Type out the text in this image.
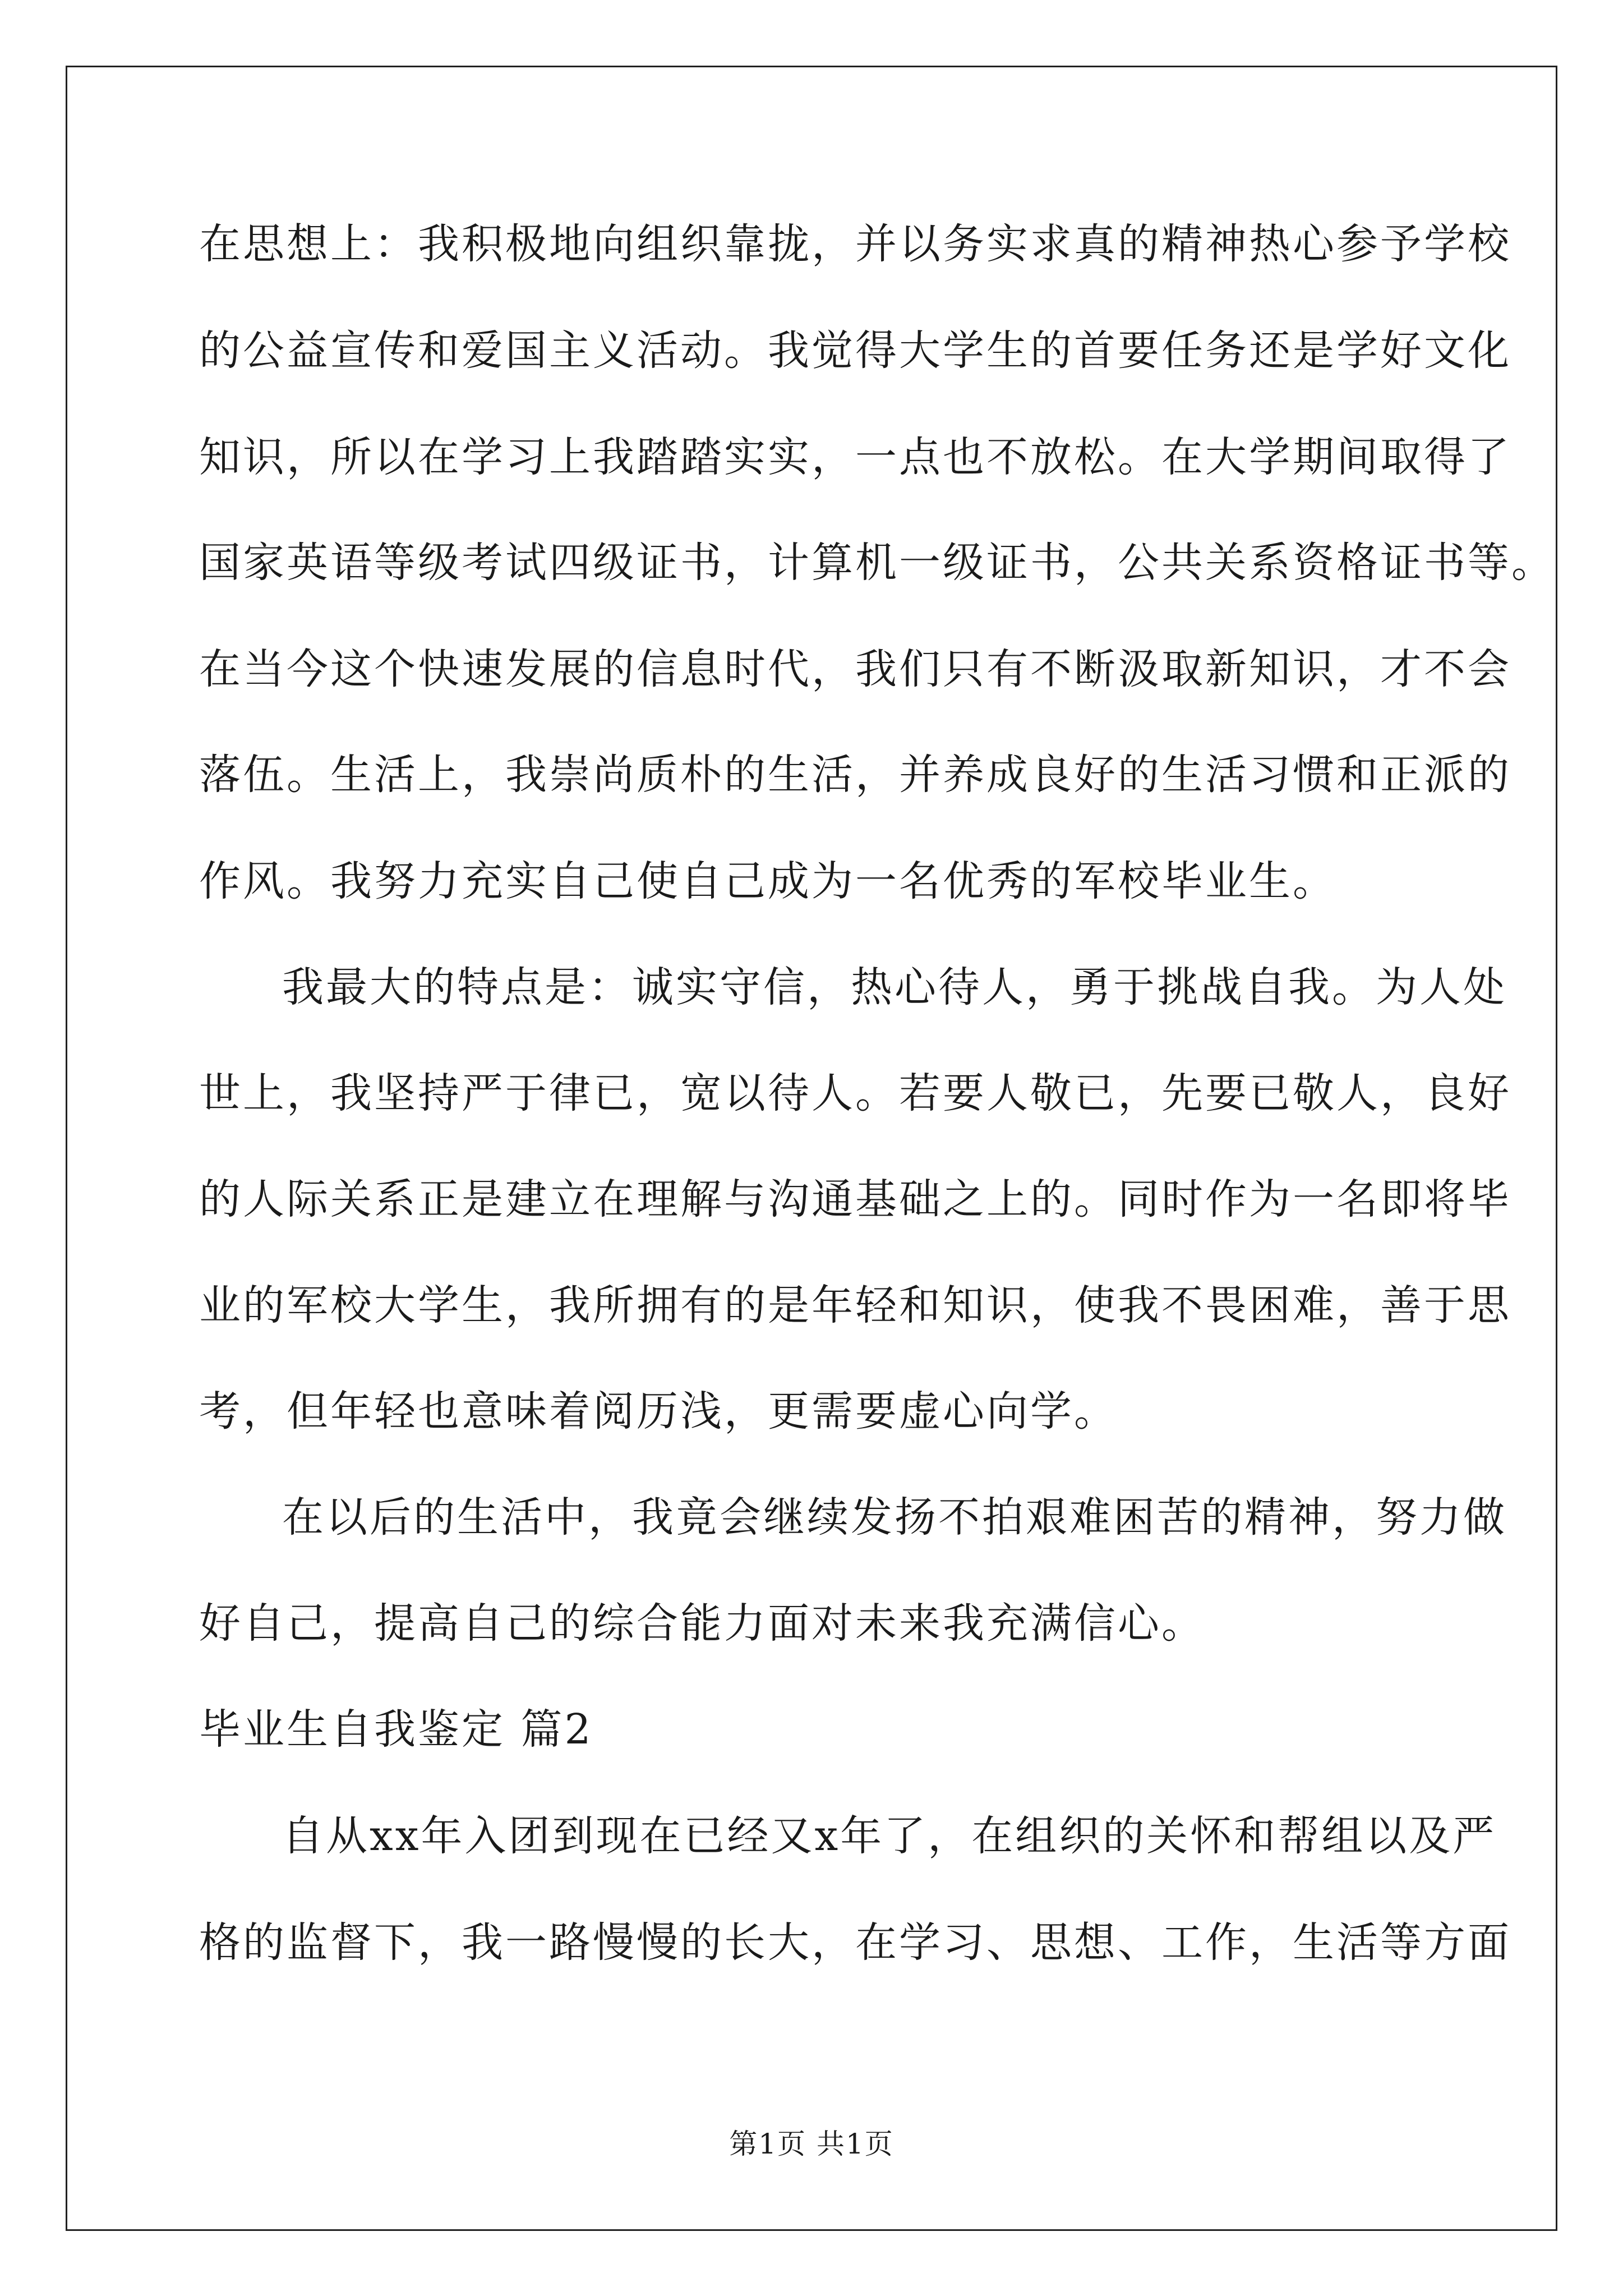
在思想上：我积极地向组织靠拢，并以务实求真的精神热心参予学校
的公益宣传和爱国主义活动。我觉得大学生的首要任务还是学好文化
知识，所以在学习上我踏踏实实，一点也不放松。在大学期间取得了
国家英语等级考试四级证书，计算机一级证书，公共关系资格证书等。
在当今这个快速发展的信息时代，我们只有不断汲取新知识，才不会
落伍。生活上，我崇尚质朴的生活，并养成良好的生活习惯和正派的
作风。我努力充实自己使自己成为一名优秀的军校毕业生。
我最大的特点是：诚实守信，热心待人，勇于挑战自我。为人处
世上，我坚持严于律已，宽以待人。若要人敬已，先要已敬人，良好
的人际关系正是建立在理解与沟通基础之上的。同时作为一名即将毕
业的军校大学生，我所拥有的是年轻和知识，使我不畏困难，善于思
考，但年轻也意味着阅历浅，更需要虚心向学。
在以后的生活中，我竟会继续发扬不拍艰难困苦的精神，努力做
好自己，提高自己的综合能力面对未来我充满信心。
毕业生自我鉴定 篇2
自从xx年入团到现在已经又x年了，在组织的关怀和帮组以及严
格的监督下，我一路慢慢的长大，在学习、思想、工作，生活等方面
第1页 共1页
